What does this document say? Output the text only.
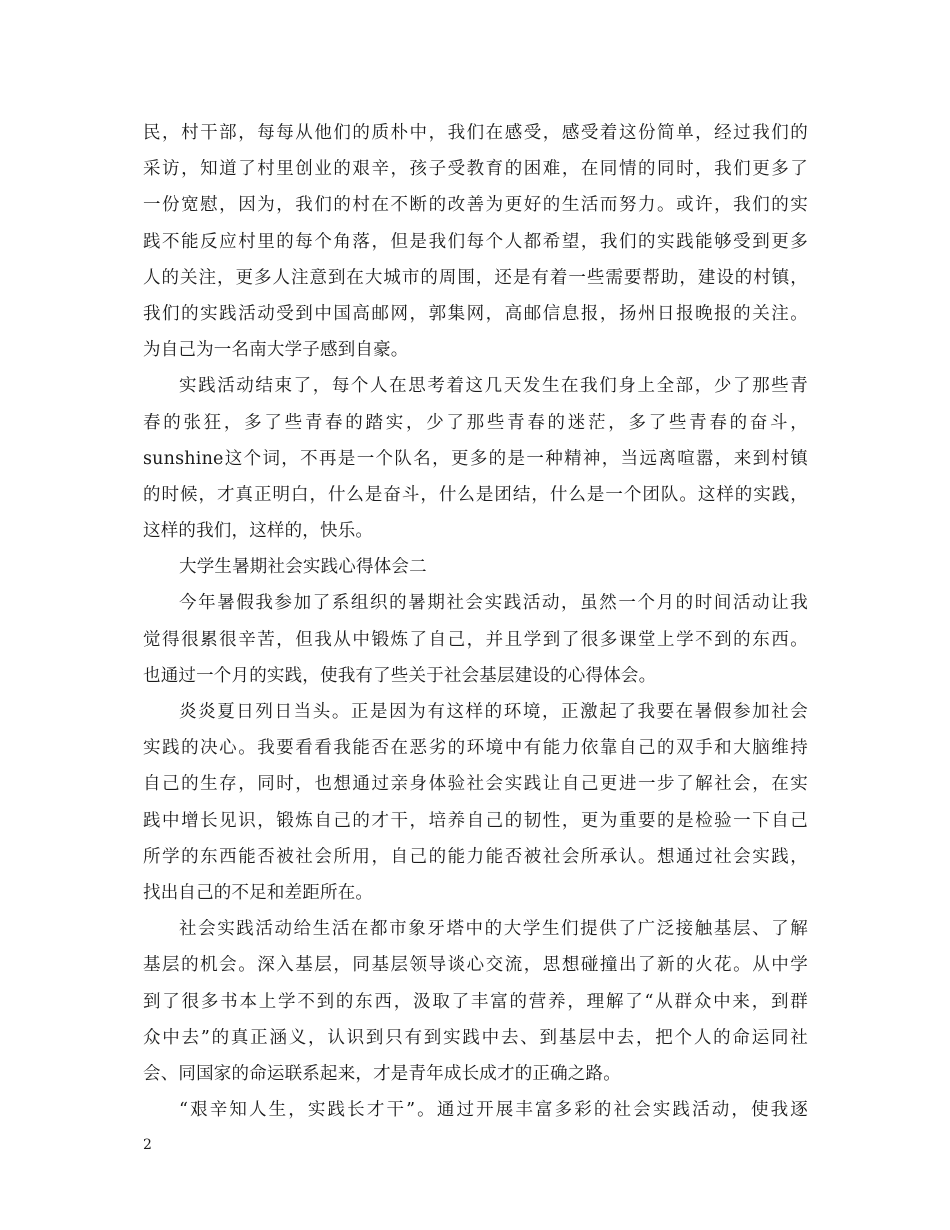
民，村干部，每每从他们的质朴中，我们在感受，感受着这份简单，经过我们的
采访，知道了村里创业的艰辛，孩子受教育的困难，在同情的同时，我们更多了
一份宽慰，因为，我们的村在不断的改善为更好的生活而努力。或许，我们的实
践不能反应村里的每个角落，但是我们每个人都希望，我们的实践能够受到更多
人的关注，更多人注意到在大城市的周围，还是有着一些需要帮助，建设的村镇，
我们的实践活动受到中国高邮网，郭集网，高邮信息报，扬州日报晚报的关注。
为自己为一名南大学子感到自豪。
实践活动结束了，每个人在思考着这几天发生在我们身上全部，少了那些青
春的张狂，多了些青春的踏实，少了那些青春的迷茫，多了些青春的奋斗，
sunshine这个词，不再是一个队名，更多的是一种精神，当远离喧嚣，来到村镇
的时候，才真正明白，什么是奋斗，什么是团结，什么是一个团队。这样的实践，
这样的我们，这样的，快乐。
大学生暑期社会实践心得体会二
今年暑假我参加了系组织的暑期社会实践活动，虽然一个月的时间活动让我
觉得很累很辛苦，但我从中锻炼了自己，并且学到了很多课堂上学不到的东西。
也通过一个月的实践，使我有了些关于社会基层建设的心得体会。
炎炎夏日列日当头。正是因为有这样的环境，正激起了我要在暑假参加社会
实践的决心。我要看看我能否在恶劣的环境中有能力依靠自己的双手和大脑维持
自己的生存，同时，也想通过亲身体验社会实践让自己更进一步了解社会，在实
践中增长见识，锻炼自己的才干，培养自己的韧性，更为重要的是检验一下自己
所学的东西能否被社会所用，自己的能力能否被社会所承认。想通过社会实践，
找出自己的不足和差距所在。
社会实践活动给生活在都市象牙塔中的大学生们提供了广泛接触基层、了解
基层的机会。深入基层，同基层领导谈心交流，思想碰撞出了新的火花。从中学
到了很多书本上学不到的东西，汲取了丰富的营养，理解了“从群众中来，到群
众中去”的真正涵义，认识到只有到实践中去、到基层中去，把个人的命运同社
会、同国家的命运联系起来，才是青年成长成才的正确之路。
“艰辛知人生，实践长才干”。通过开展丰富多彩的社会实践活动，使我逐
2
